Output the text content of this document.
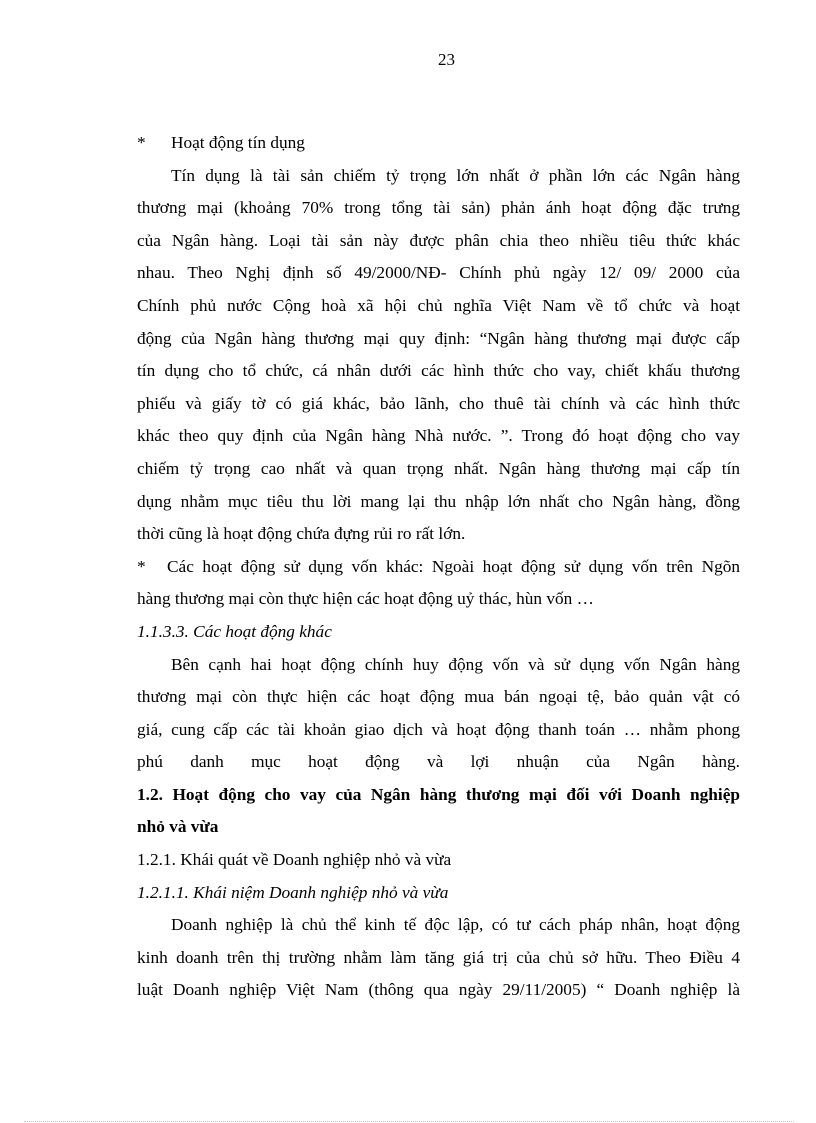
23

* Hoạt động tín dụng

Tín dụng là tài sản chiếm tỷ trọng lớn nhất ở phần lớn các Ngân hàng

thương mại (khoảng 70% trong tổng tài sản) phản ánh hoạt động đặc trưng

của Ngân hàng. Loại tài sản này được phân chia theo nhiều tiêu thức khác

nhau. Theo Nghị định số 49/2000/NĐ- Chính phủ ngày 12/ 09/ 2000 của

Chính phủ nước Cộng hoà xã hội chủ nghĩa Việt Nam về tổ chức và hoạt

động của Ngân hàng thương mại quy định: “Ngân hàng thương mại được cấp

tín dụng cho tổ chức, cá nhân dưới các hình thức cho vay, chiết khấu thương

phiếu và giấy tờ có giá khác, bảo lãnh, cho thuê tài chính và các hình thức

khác theo quy định của Ngân hàng Nhà nước. ”. Trong đó hoạt động cho vay

chiếm tỷ trọng cao nhất và quan trọng nhất. Ngân hàng thương mại cấp tín

dụng nhằm mục tiêu thu lời mang lại thu nhập lớn nhất cho Ngân hàng, đồng

thời cũng là hoạt động chứa đựng rủi ro rất lớn.

* Các hoạt động sử dụng vốn khác: Ngoài hoạt động sử dụng vốn trên Ngõn

hàng thương mại còn thực hiện các hoạt động uỷ thác, hùn vốn …

1.1.3.3. Các hoạt động khác

Bên cạnh hai hoạt động chính huy động vốn và sử dụng vốn Ngân hàng

thương mại còn thực hiện các hoạt động mua bán ngoại tệ, bảo quản vật có

giá, cung cấp các tài khoản giao dịch và hoạt động thanh toán … nhằm phong

phú danh mục hoạt động và lợi nhuận của Ngân hàng.

1.2. Hoạt động cho vay của Ngân hàng thương mại đối với Doanh nghiệp

nhỏ và vừa

1.2.1. Khái quát về Doanh nghiệp nhỏ và vừa

1.2.1.1. Khái niệm Doanh nghiệp nhỏ và vừa

Doanh nghiệp là chủ thể kinh tế độc lập, có tư cách pháp nhân, hoạt động

kinh doanh trên thị trường nhằm làm tăng giá trị của chủ sở hữu. Theo Điều 4

luật Doanh nghiệp Việt Nam (thông qua ngày 29/11/2005) “ Doanh nghiệp là
